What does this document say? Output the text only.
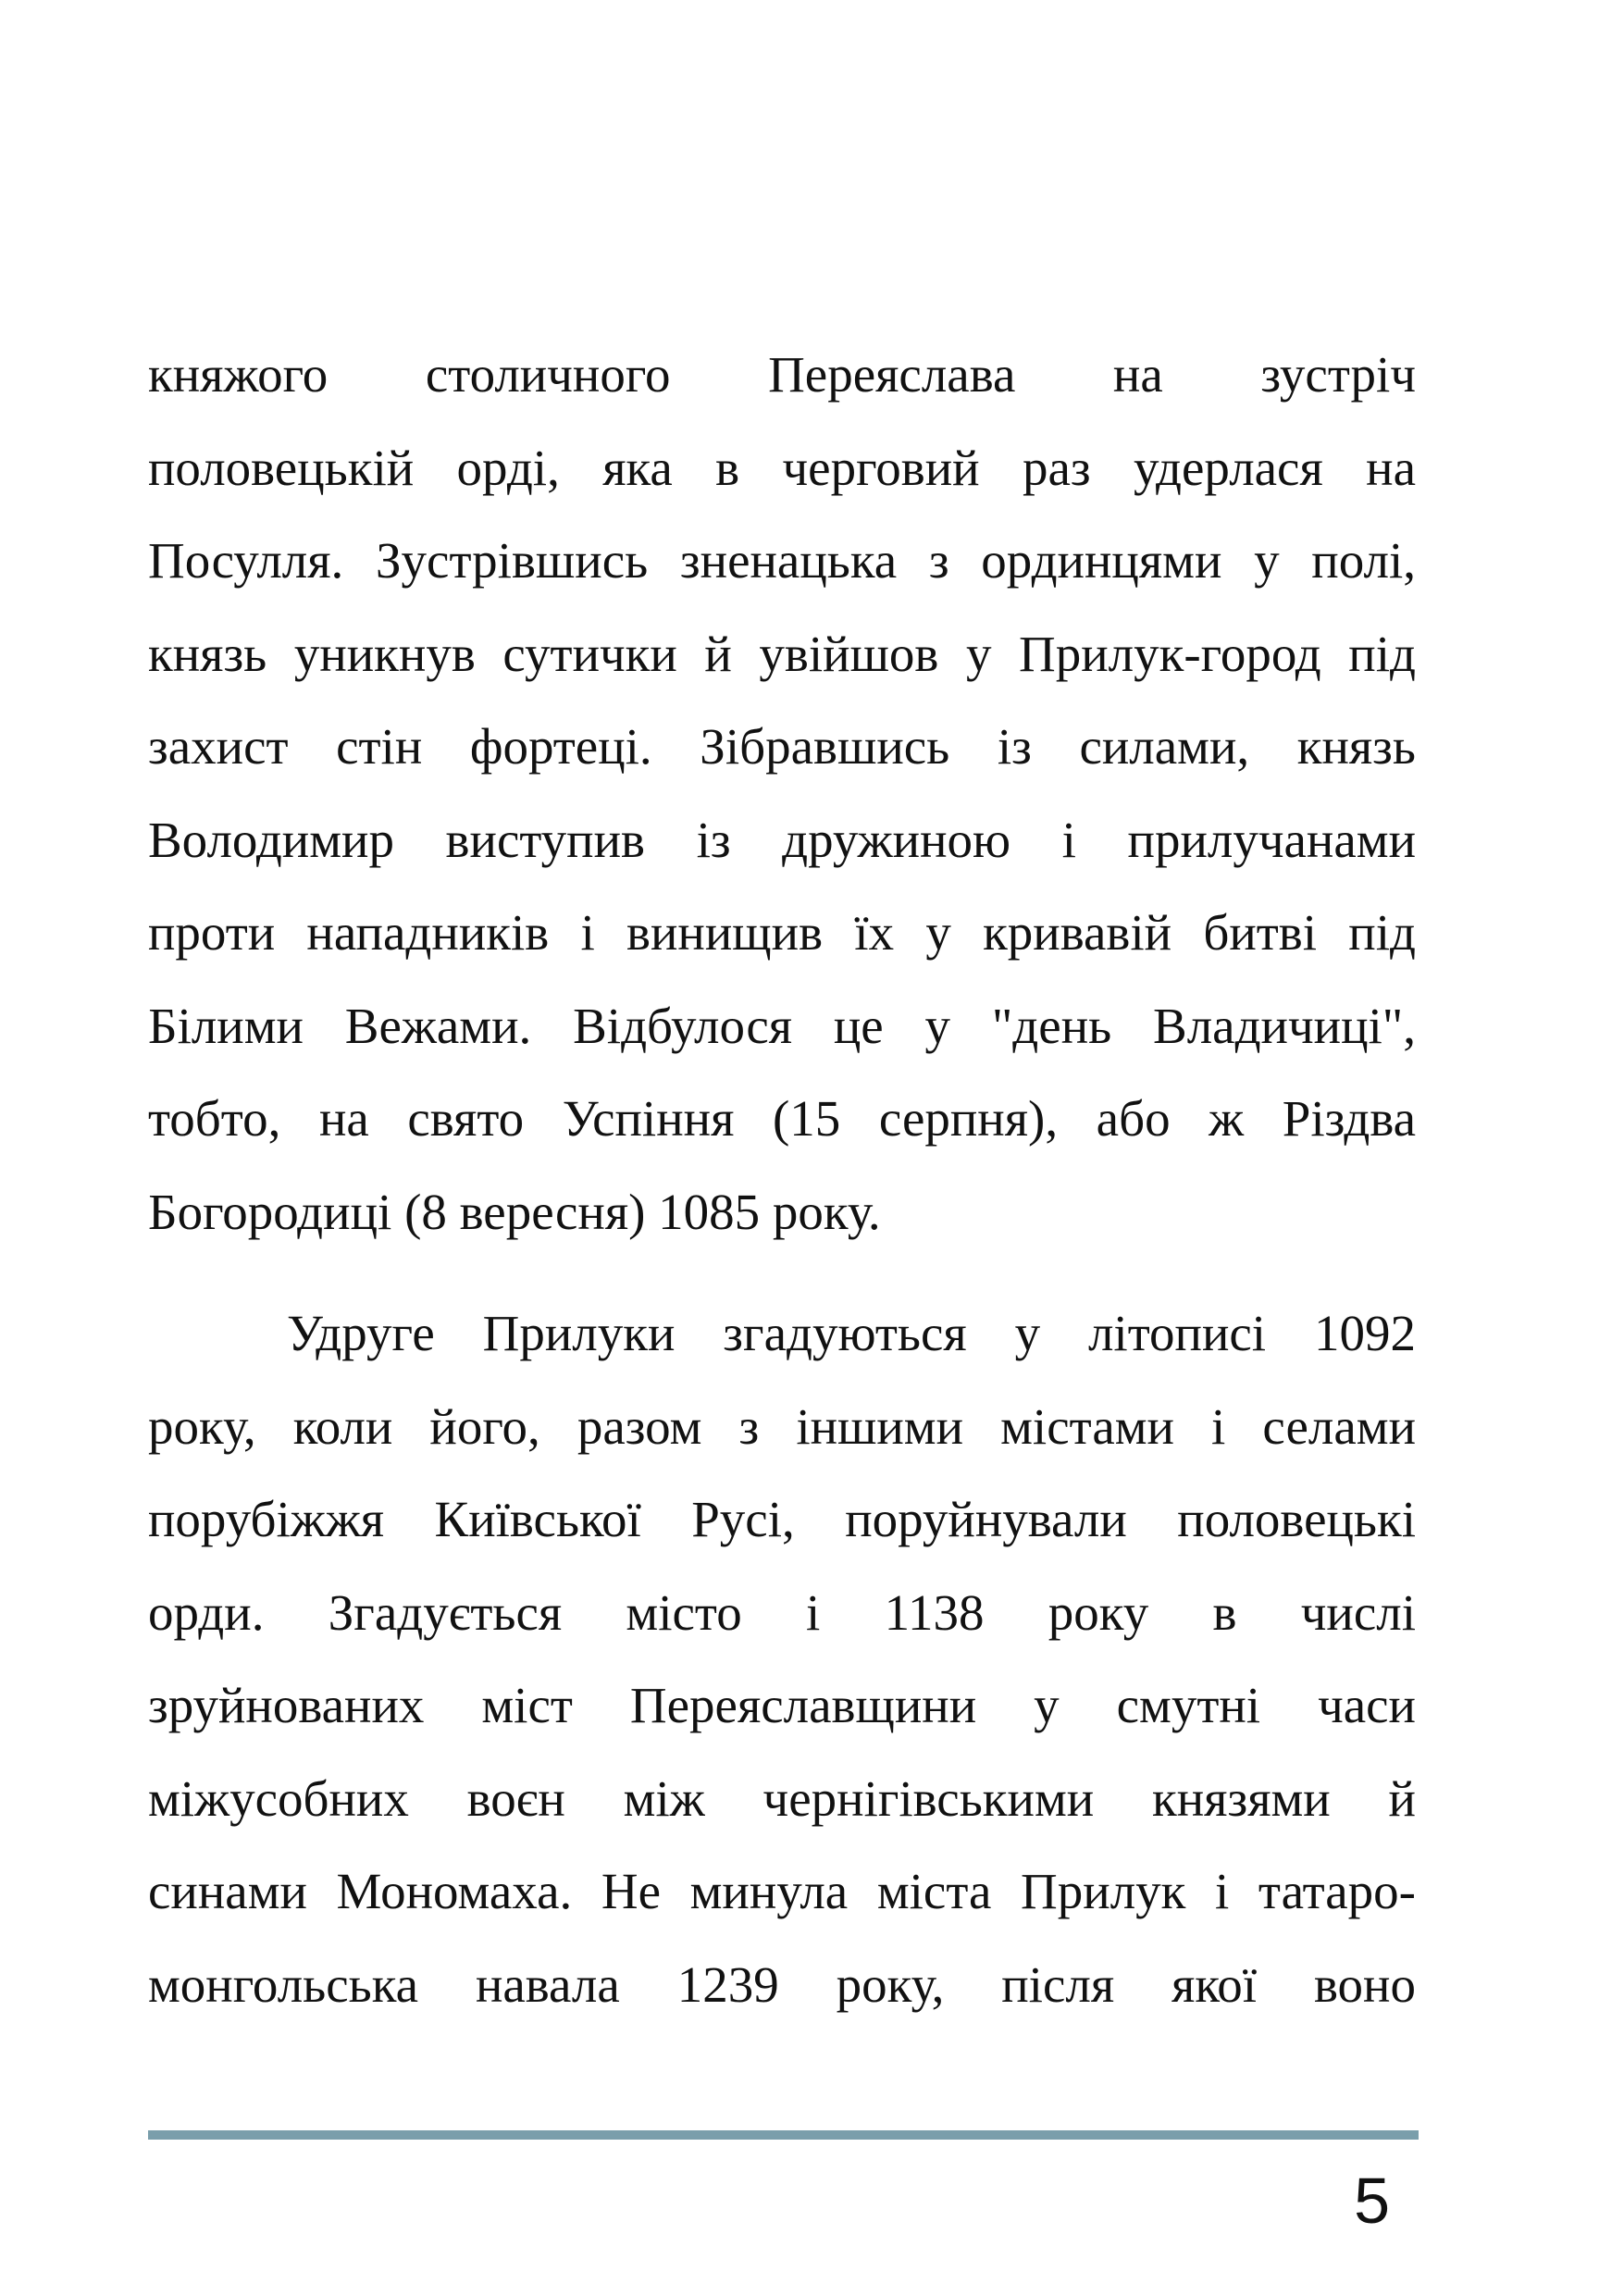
княжого столичного Переяслава на зустріч
половецькій орді, яка в черговий раз удерлася на
Посулля. Зустрівшись зненацька з ординцями у полі,
князь уникнув сутички й увійшов у Прилук-город під
захист стін фортеці. Зібравшись із силами, князь
Володимир виступив із дружиною і прилучанами
проти нападників і винищив їх у кривавій битві під
Білими Вежами. Відбулося це у "день Владичиці",
тобто, на свято Успіння (15 серпня), або ж Різдва
Богородиці (8 вересня) 1085 року.

Удруге Прилуки згадуються у літописі 1092
року, коли його, разом з іншими містами і селами
порубіжжя Київської Русі, поруйнували половецькі
орди. Згадується місто і 1138 року в числі
зруйнованих міст Переяславщини у смутні часи
міжусобних воєн між чернігівськими князями й
синами Мономаха. Не минула міста Прилук і татаро-
монгольська навала 1239 року, після якої воно

5
